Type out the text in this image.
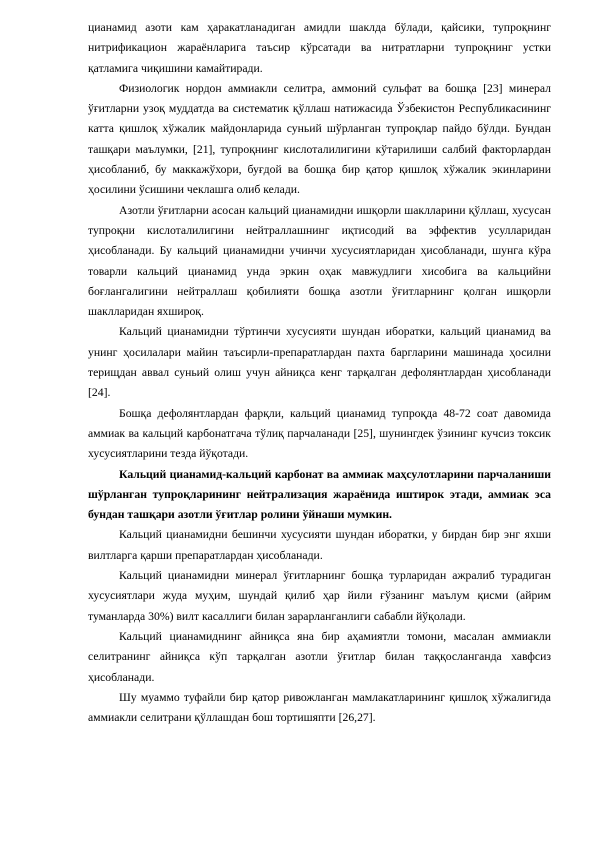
цианамид азоти кам ҳаракатланадиган амидли шаклда бўлади, қайсики, тупроқнинг нитрификацион жараёнларига таъсир кўрсатади ва нитратларни тупроқнинг устки қатламига чиқишини камайтиради.

Физиологик нордон аммиакли селитра, аммоний сульфат ва бошқа [23] минерал ўғитларни узоқ муддатда ва систематик қўллаш натижасида Ўзбекистон Республикасининг катта қишлоқ хўжалик майдонларида суньий шўрланган тупроқлар пайдо бўлди. Бундан ташқари маълумки, [21], тупроқнинг кислоталилигини кўтарилиши салбий факторлардан ҳисобланиб, бу маккажўхори, буғдой ва бошқа бир қатор қишлоқ хўжалик экинларини ҳосилини ўсишини чеклашга олиб келади.

Азотли ўғитларни асосан кальций цианамидни ишқорли шаклларини қўллаш, хусусан тупроқни кислоталилигини нейтраллашнинг иқтисодий ва эффектив усулларидан ҳисобланади. Бу кальций цианамидни учинчи хусусиятларидан ҳисобланади, шунга кўра товарли кальций цианамид унда эркин оҳак мавжудлиги хисобига ва кальцийни боғлангалигини нейтраллаш қобилияти бошқа азотли ўғитларнинг қолган ишқорли шаклларидан яхшироқ.

Кальций цианамидни тўртинчи хусусияти шундан иборатки, кальций цианамид ва унинг ҳосилалари майин таъсирли-препаратлардан пахта баргларини машинада ҳосилни терищдан аввал суньий олиш учун айниқса кенг тарқалган дефолянтлардан ҳисобланади [24].

Бошқа дефолянтлардан фарқли, кальций цианамид тупроқда 48-72 соат давомида аммиак ва кальций карбонатгача тўлиқ парчаланади [25], шунингдек ўзининг кучсиз токсик хусусиятларини тезда йўқотади.

Кальций цианамид-кальций карбонат ва аммиак маҳсулотларини парчаланиши шўрланган тупроқларининг нейтрализация жараёнида иштирок этади, аммиак эса бундан ташқари азотли ўғитлар ролини ўйнаши мумкин.

Кальций цианамидни бешинчи хусусияти шундан иборатки, у бирдан бир энг яхши вилтларга қарши препаратлардан ҳисобланади.

Кальций цианамидни минерал ўғитларнинг бошқа турларидан ажралиб турадиган хусусиятлари жуда муҳим, шундай қилиб ҳар йили ғўзанинг маълум қисми (айрим туманларда 30%) вилт касаллиги билан зарарланганлиги сабабли йўқолади.

Кальций цианамиднинг айниқса яна бир аҳамиятли томони, масалан аммиакли селитранинг айниқса кўп тарқалган азотли ўғитлар билан таққосланганда хавфсиз ҳисобланади.

Шу муаммо туфайли бир қатор ривожланган мамлакатларининг қишлоқ хўжалигида аммиакли селитрани қўллашдан бош тортишяпти [26,27].
